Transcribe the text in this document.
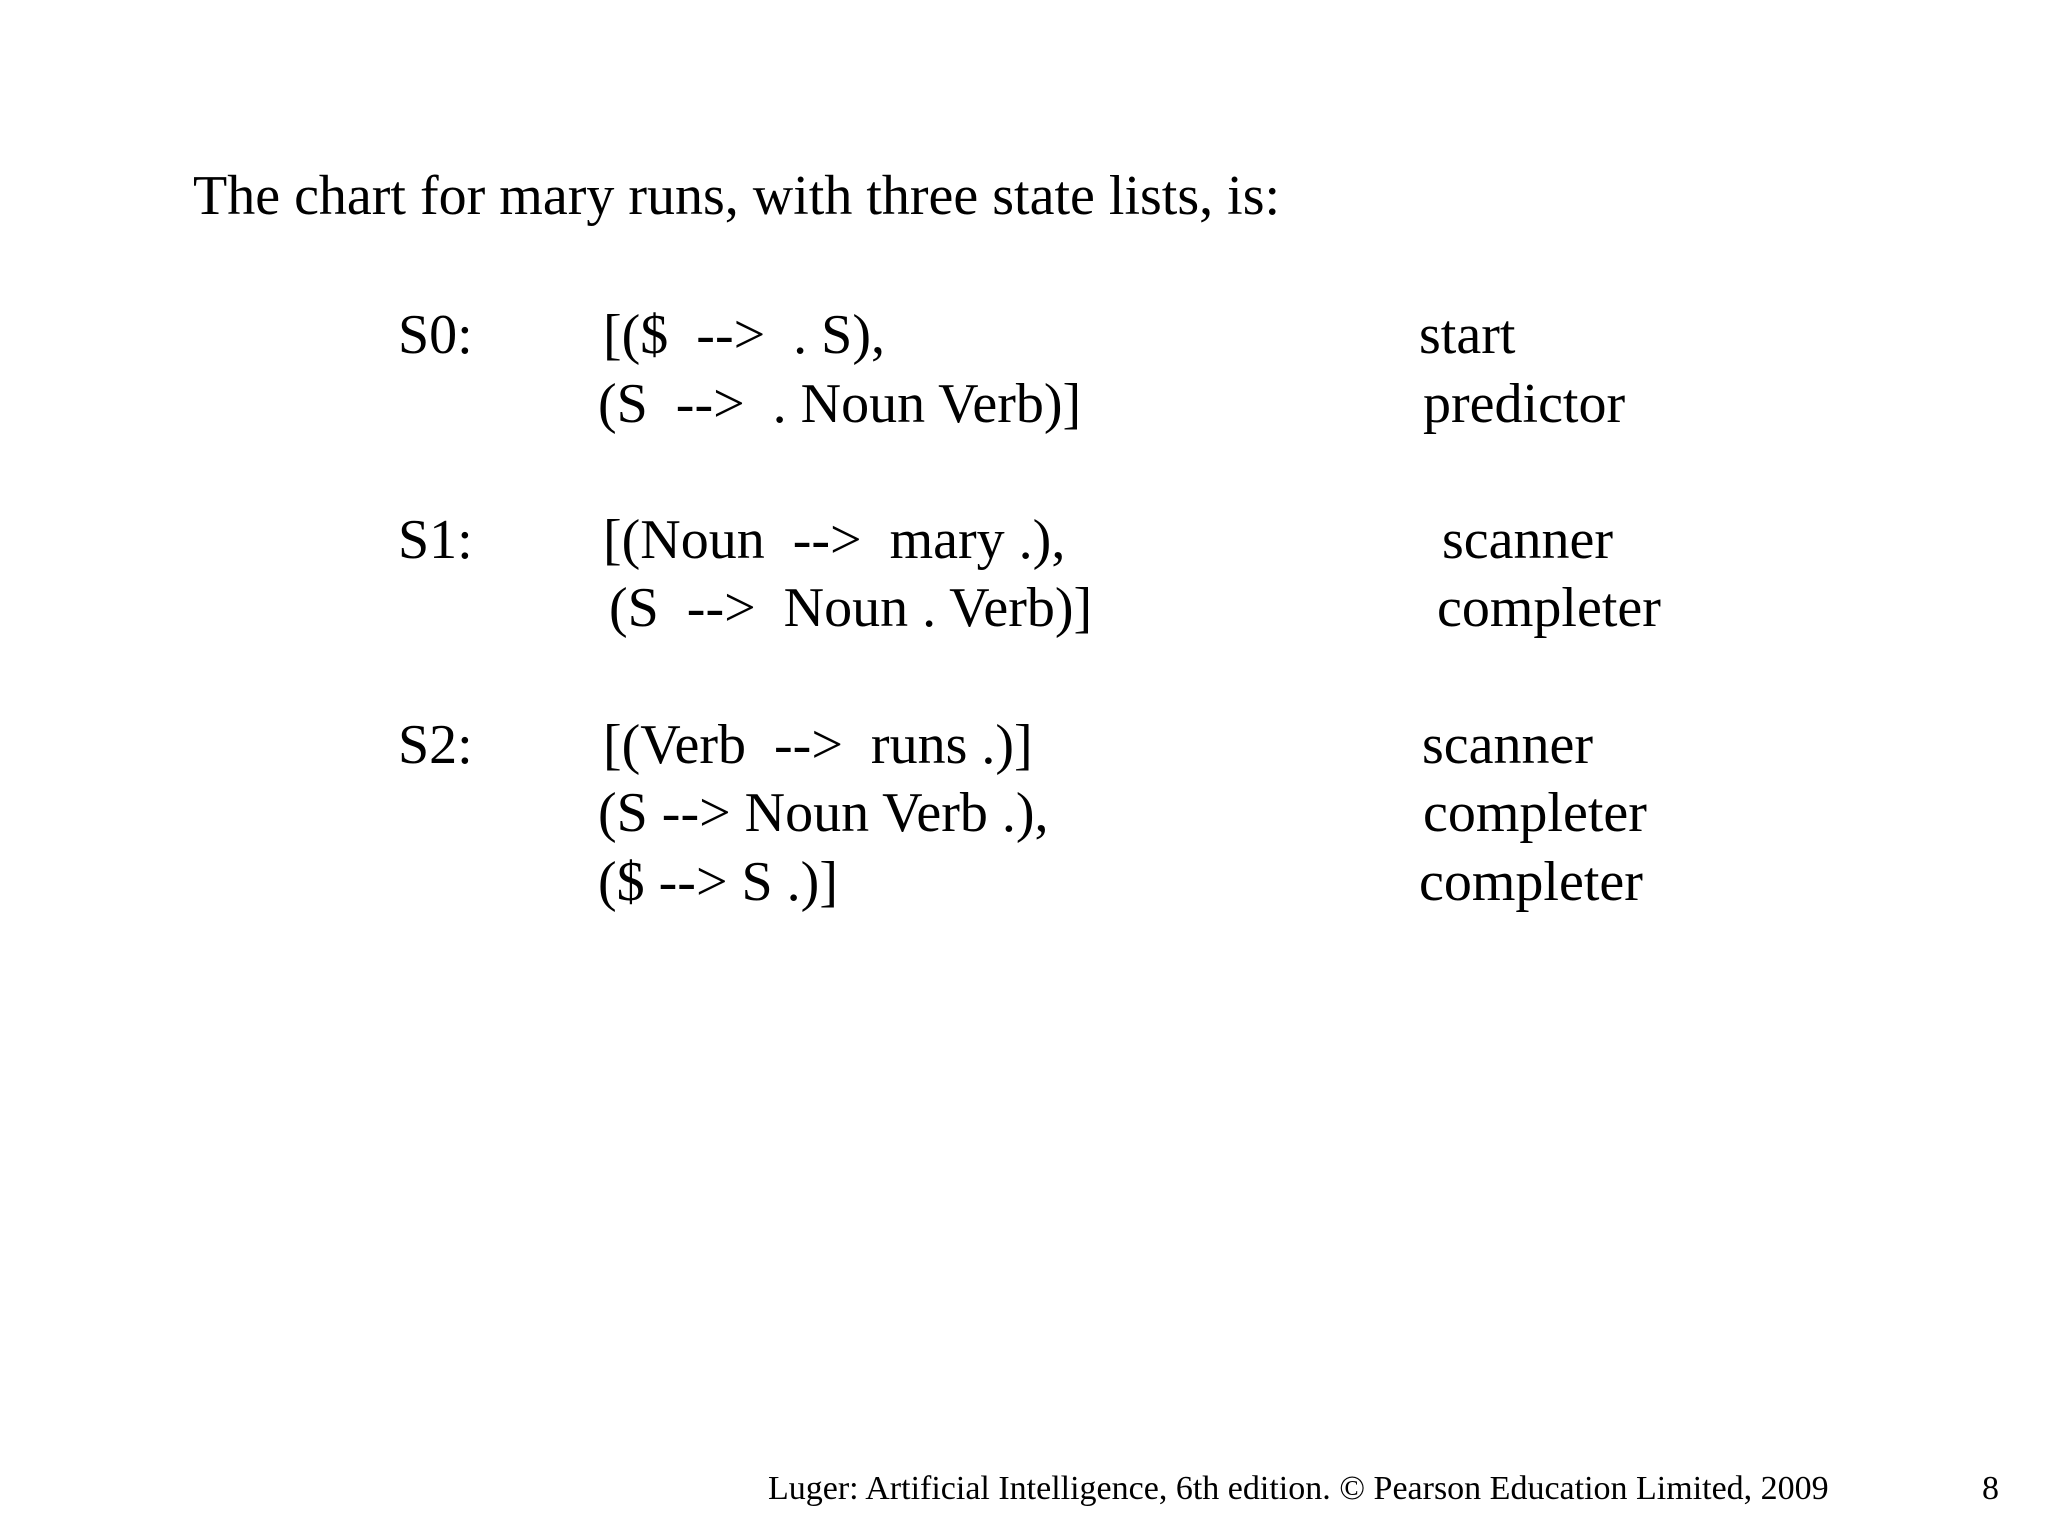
The chart for mary runs, with three state lists, is:
S0: [($  -->  . S),	start
(S  -->  . Noun Verb)]	predictor
S1: [(Noun  -->  mary .),	scanner
(S  -->  Noun . Verb)]	completer
S2: [(Verb  -->  runs .)]	scanner
(S --> Noun Verb .),	completer
($ --> S .)]	completer
Luger: Artificial Intelligence, 6th edition. © Pearson Education Limited, 2009	8
